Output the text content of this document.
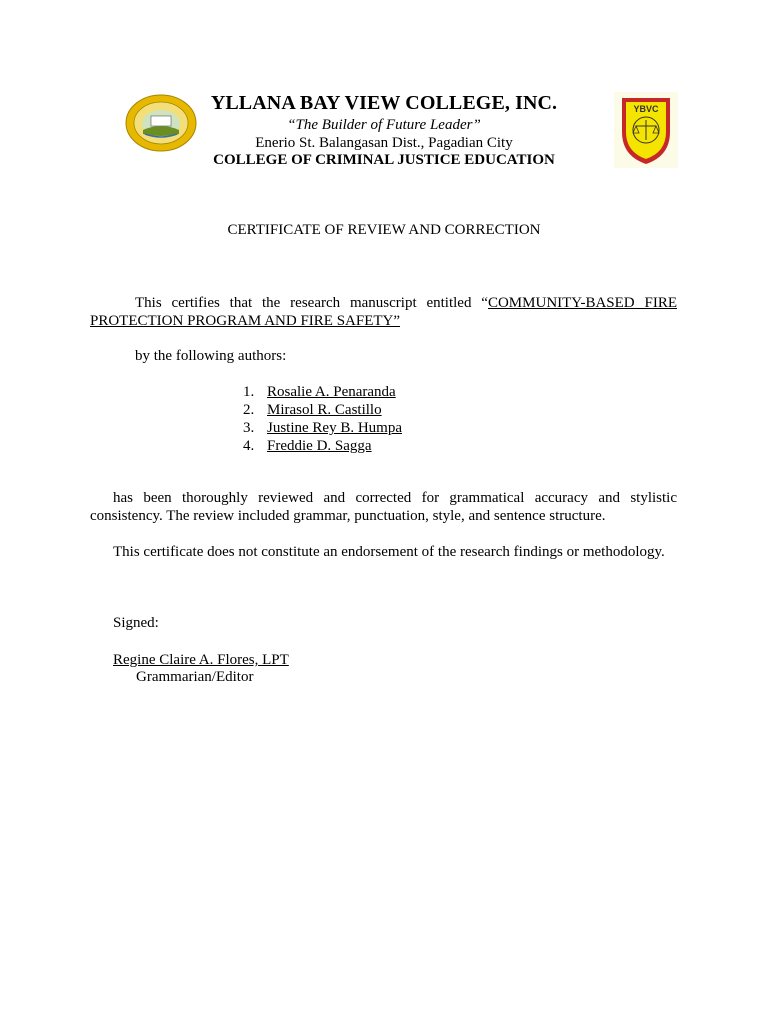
YBVC
YLLANA BAY VIEW COLLEGE, INC.
“The Builder of Future Leader”
Enerio St. Balangasan Dist., Pagadian City
COLLEGE OF CRIMINAL JUSTICE EDUCATION
CERTIFICATE OF REVIEW AND CORRECTION
This certifies that the research manuscript entitled “COMMUNITY-BASED FIRE PROTECTION PROGRAM AND FIRE SAFETY”
by the following authors:
1. Rosalie A. Penaranda
2. Mirasol R. Castillo
3. Justine Rey B. Humpa
4. Freddie D. Sagga
has been thoroughly reviewed and corrected for grammatical accuracy and stylistic consistency. The review included grammar, punctuation, style, and sentence structure.
This certificate does not constitute an endorsement of the research findings or methodology.
Signed:
Regine Claire A. Flores, LPT
Grammarian/Editor
